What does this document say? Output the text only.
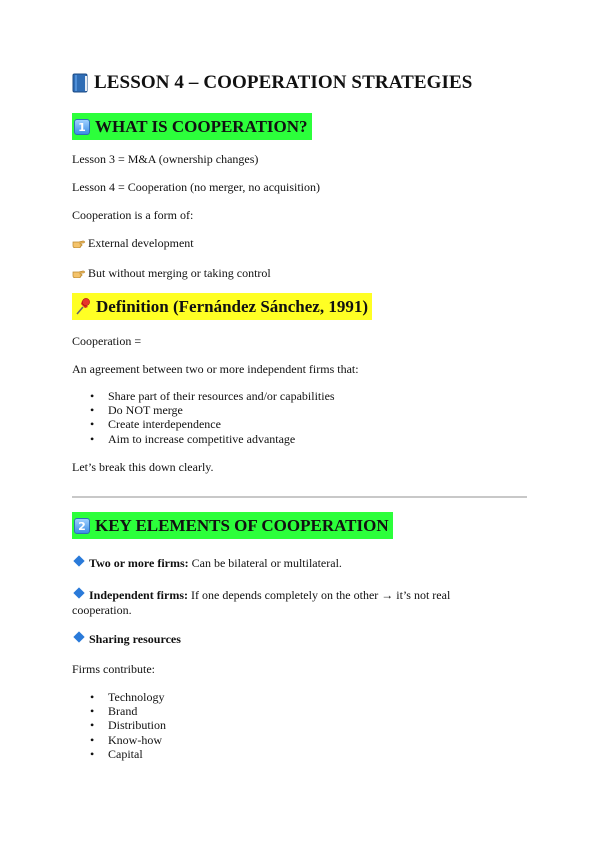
LESSON 4 – COOPERATION STRATEGIES
1 WHAT IS COOPERATION?
Lesson 3 = M&A (ownership changes)
Lesson 4 = Cooperation (no merger, no acquisition)
Cooperation is a form of:
External development
But without merging or taking control
Definition (Fernández Sánchez, 1991)
Cooperation =
An agreement between two or more independent firms that:
• Share part of their resources and/or capabilities
• Do NOT merge
• Create interdependence
• Aim to increase competitive advantage
Let’s break this down clearly.
2 KEY ELEMENTS OF COOPERATION
Two or more firms: Can be bilateral or multilateral.
Independent firms: If one depends completely on the other → it’s not real
cooperation.
Sharing resources
Firms contribute:
• Technology
• Brand
• Distribution
• Know-how
• Capital
